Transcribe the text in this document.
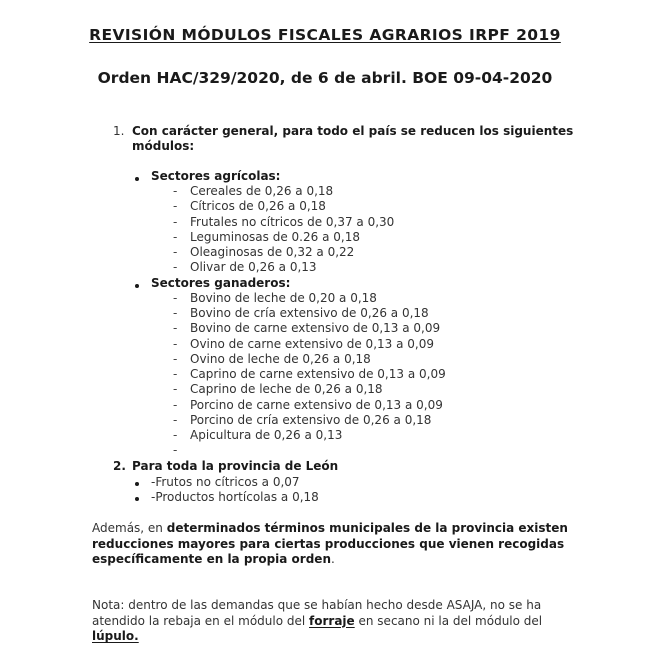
REVISIÓN MÓDULOS FISCALES AGRARIOS IRPF 2019
Orden HAC/329/2020, de 6 de abril. BOE 09-04-2020
1. Con carácter general, para todo el país se reducen los siguientes
módulos:
Sectores agrícolas:
- Cereales de 0,26 a 0,18
- Cítricos de 0,26 a 0,18
- Frutales no cítricos de 0,37 a 0,30
- Leguminosas de 0.26 a 0,18
- Oleaginosas de 0,32 a 0,22
- Olivar de 0,26 a 0,13
Sectores ganaderos:
- Bovino de leche de 0,20 a 0,18
- Bovino de cría extensivo de 0,26 a 0,18
- Bovino de carne extensivo de 0,13 a 0,09
- Ovino de carne extensivo de 0,13 a 0,09
- Ovino de leche de 0,26 a 0,18
- Caprino de carne extensivo de 0,13 a 0,09
- Caprino de leche de 0,26 a 0,18
- Porcino de carne extensivo de 0,13 a 0,09
- Porcino de cría extensivo de 0,26 a 0,18
- Apicultura de 0,26 a 0,13
-
2. Para toda la provincia de León
-Frutos no cítricos a 0,07
-Productos hortícolas a 0,18
Además, en determinados términos municipales de la provincia existen
reducciones mayores para ciertas producciones que vienen recogidas
específicamente en la propia orden.
Nota: dentro de las demandas que se habían hecho desde ASAJA, no se ha
atendido la rebaja en el módulo del forraje en secano ni la del módulo del
lúpulo.
